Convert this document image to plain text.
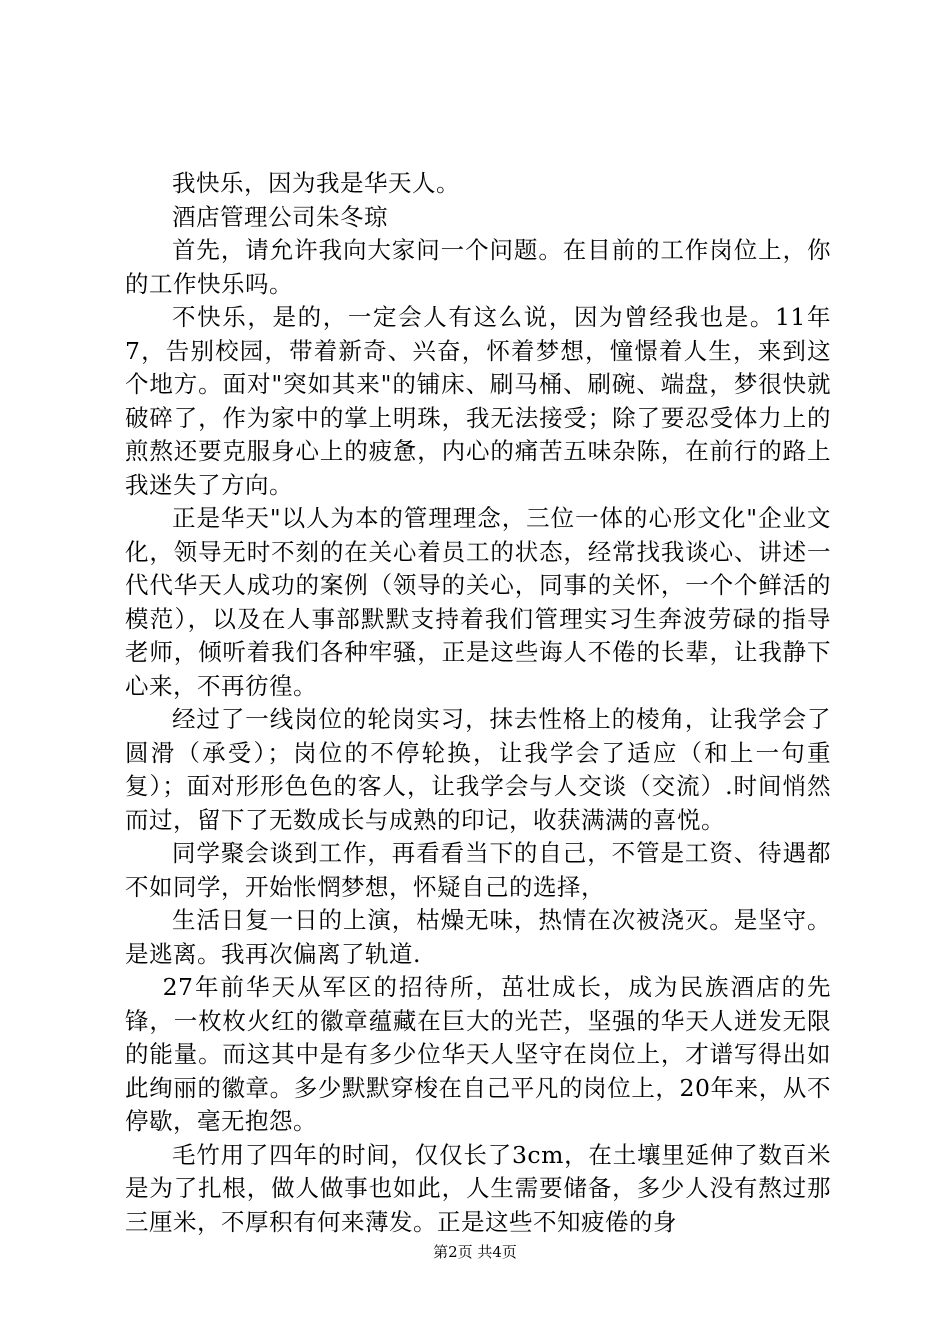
我快乐，因为我是华天人。

酒店管理公司朱冬琼

首先，请允许我向大家问一个问题。在目前的工作岗位上，你的工作快乐吗。

不快乐，是的，一定会人有这么说，因为曾经我也是。11年7，告别校园，带着新奇、兴奋，怀着梦想，憧憬着人生，来到这个地方。面对"突如其来"的铺床、刷马桶、刷碗、端盘，梦很快就破碎了，作为家中的掌上明珠，我无法接受；除了要忍受体力上的煎熬还要克服身心上的疲惫，内心的痛苦五味杂陈，在前行的路上我迷失了方向。

正是华天"以人为本的管理理念，三位一体的心形文化"企业文化，领导无时不刻的在关心着员工的状态，经常找我谈心、讲述一代代华天人成功的案例（领导的关心，同事的关怀，一个个鲜活的模范），以及在人事部默默支持着我们管理实习生奔波劳碌的指导老师，倾听着我们各种牢骚，正是这些诲人不倦的长辈，让我静下心来，不再彷徨。

经过了一线岗位的轮岗实习，抹去性格上的棱角，让我学会了圆滑（承受）；岗位的不停轮换，让我学会了适应（和上一句重复）；面对形形色色的客人，让我学会与人交谈（交流）.时间悄然而过，留下了无数成长与成熟的印记，收获满满的喜悦。

同学聚会谈到工作，再看看当下的自己，不管是工资、待遇都不如同学，开始怅惘梦想，怀疑自己的选择，

生活日复一日的上演，枯燥无味，热情在次被浇灭。是坚守。是逃离。我再次偏离了轨道.

27年前华天从军区的招待所，茁壮成长，成为民族酒店的先锋，一枚枚火红的徽章蕴藏在巨大的光芒，坚强的华天人迸发无限的能量。而这其中是有多少位华天人坚守在岗位上，才谱写得出如此绚丽的徽章。多少默默穿梭在自己平凡的岗位上，20年来，从不停歇，毫无抱怨。

毛竹用了四年的时间，仅仅长了3cm，在土壤里延伸了数百米是为了扎根，做人做事也如此，人生需要储备，多少人没有熬过那三厘米，不厚积有何来薄发。正是这些不知疲倦的身

第2页 共4页
